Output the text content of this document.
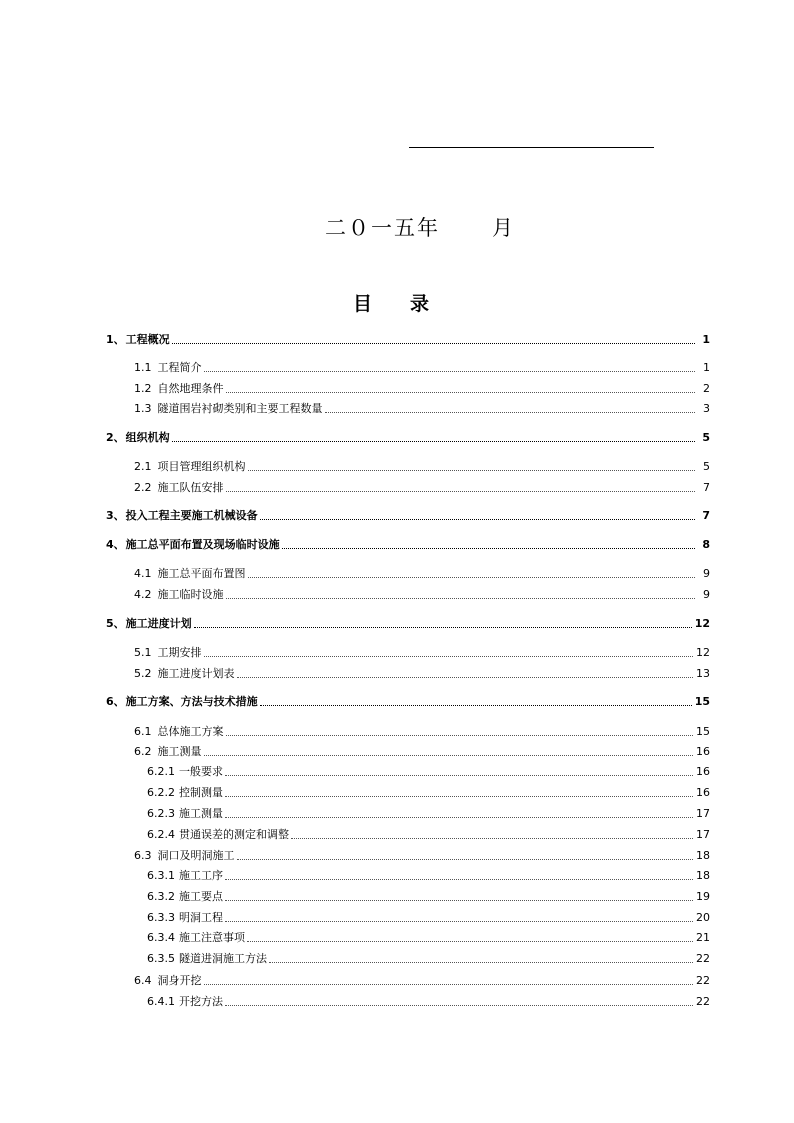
二０一五年 月
目录
1、 工程概况	1
1.1 工程简介	1
1.2 自然地理条件	2
1.3 隧道围岩衬砌类别和主要工程数量	3
2、 组织机构	5
2.1 项目管理组织机构	5
2.2 施工队伍安排	7
3、 投入工程主要施工机械设备	7
4、 施工总平面布置及现场临时设施	8
4.1 施工总平面布置图	9
4.2 施工临时设施	9
5、 施工进度计划	12
5.1 工期安排	12
5.2 施工进度计划表	13
6、 施工方案、方法与技术措施	15
6.1 总体施工方案	15
6.2 施工测量	16
6.2.1 一般要求	16
6.2.2 控制测量	16
6.2.3 施工测量	17
6.2.4 贯通误差的测定和调整	17
6.3 洞口及明洞施工	18
6.3.1 施工工序	18
6.3.2 施工要点	19
6.3.3 明洞工程	20
6.3.4 施工注意事项	21
6.3.5 隧道进洞施工方法	22
6.4 洞身开挖	22
6.4.1 开挖方法	22
